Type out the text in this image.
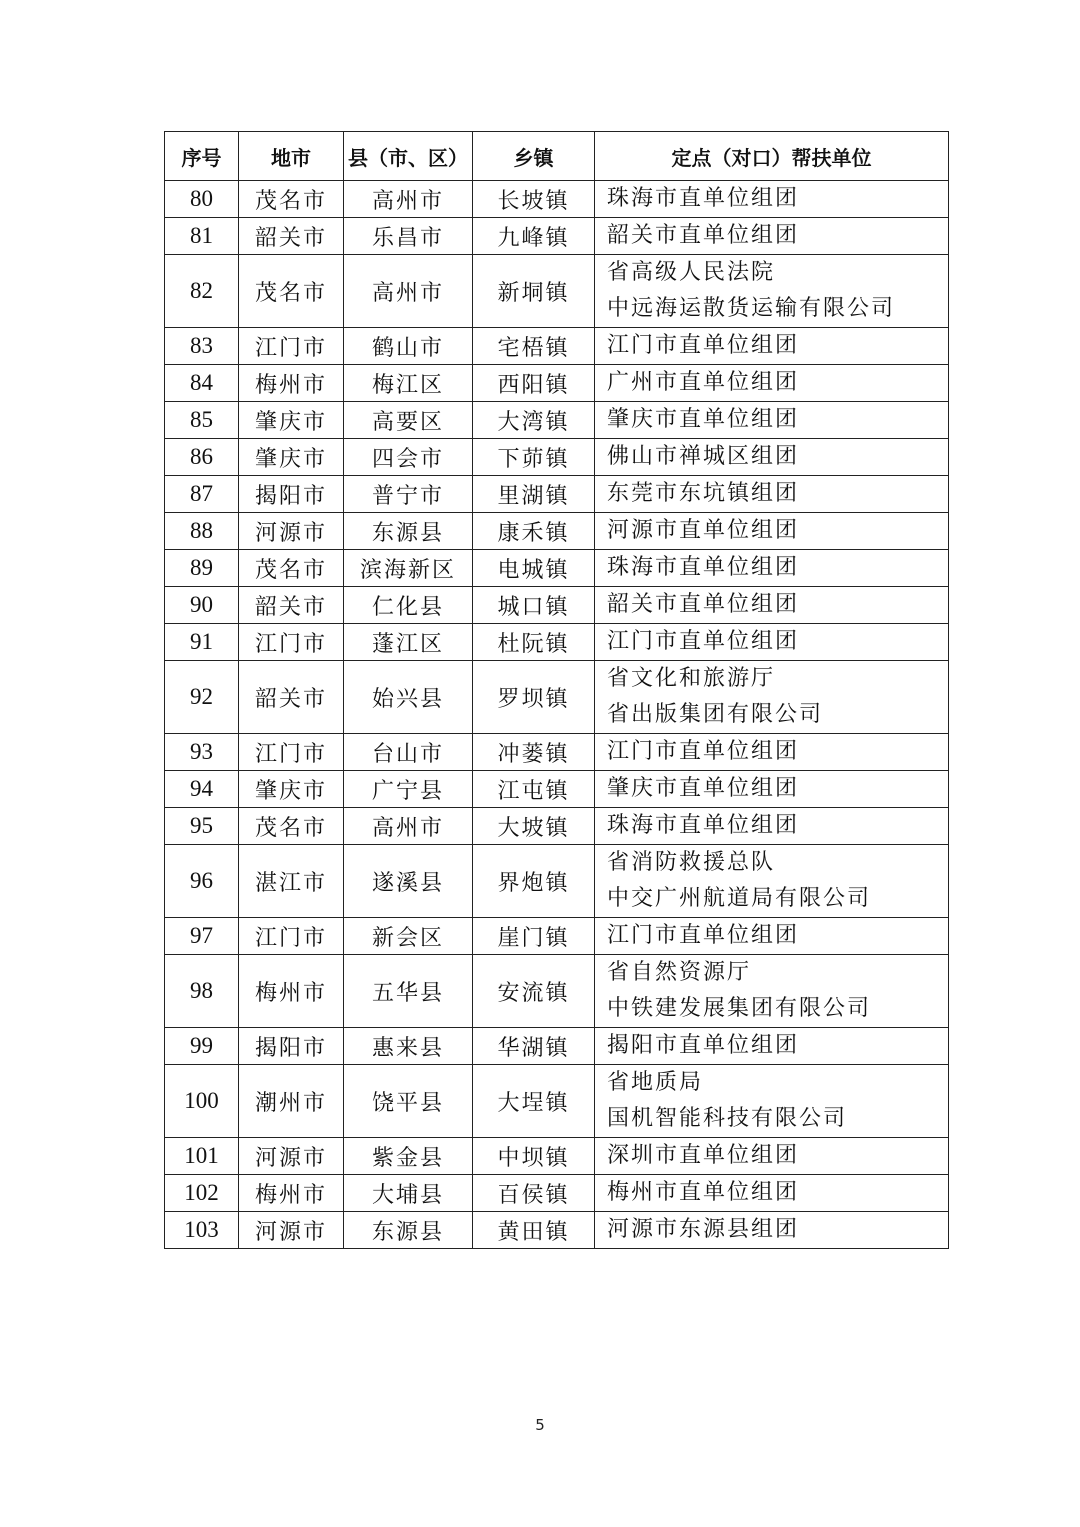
序号	地市	县（市、区）	乡镇	定点（对口）帮扶单位
80	茂名市	高州市	长坡镇	珠海市直单位组团

81	韶关市	乐昌市	九峰镇	韶关市直单位组团

82	茂名市	高州市	新垌镇	省高级人民法院
中远海运散货运输有限公司

83	江门市	鹤山市	宅梧镇	江门市直单位组团

84	梅州市	梅江区	西阳镇	广州市直单位组团

85	肇庆市	高要区	大湾镇	肇庆市直单位组团

86	肇庆市	四会市	下茆镇	佛山市禅城区组团

87	揭阳市	普宁市	里湖镇	东莞市东坑镇组团

88	河源市	东源县	康禾镇	河源市直单位组团

89	茂名市	滨海新区	电城镇	珠海市直单位组团

90	韶关市	仁化县	城口镇	韶关市直单位组团

91	江门市	蓬江区	杜阮镇	江门市直单位组团

92	韶关市	始兴县	罗坝镇	省文化和旅游厅
省出版集团有限公司

93	江门市	台山市	冲蒌镇	江门市直单位组团

94	肇庆市	广宁县	江屯镇	肇庆市直单位组团

95	茂名市	高州市	大坡镇	珠海市直单位组团

96	湛江市	遂溪县	界炮镇	省消防救援总队
中交广州航道局有限公司

97	江门市	新会区	崖门镇	江门市直单位组团

98	梅州市	五华县	安流镇	省自然资源厅
中铁建发展集团有限公司

99	揭阳市	惠来县	华湖镇	揭阳市直单位组团

100	潮州市	饶平县	大埕镇	省地质局
国机智能科技有限公司

101	河源市	紫金县	中坝镇	深圳市直单位组团

102	梅州市	大埔县	百侯镇	梅州市直单位组团

103	河源市	东源县	黄田镇	河源市东源县组团
5
